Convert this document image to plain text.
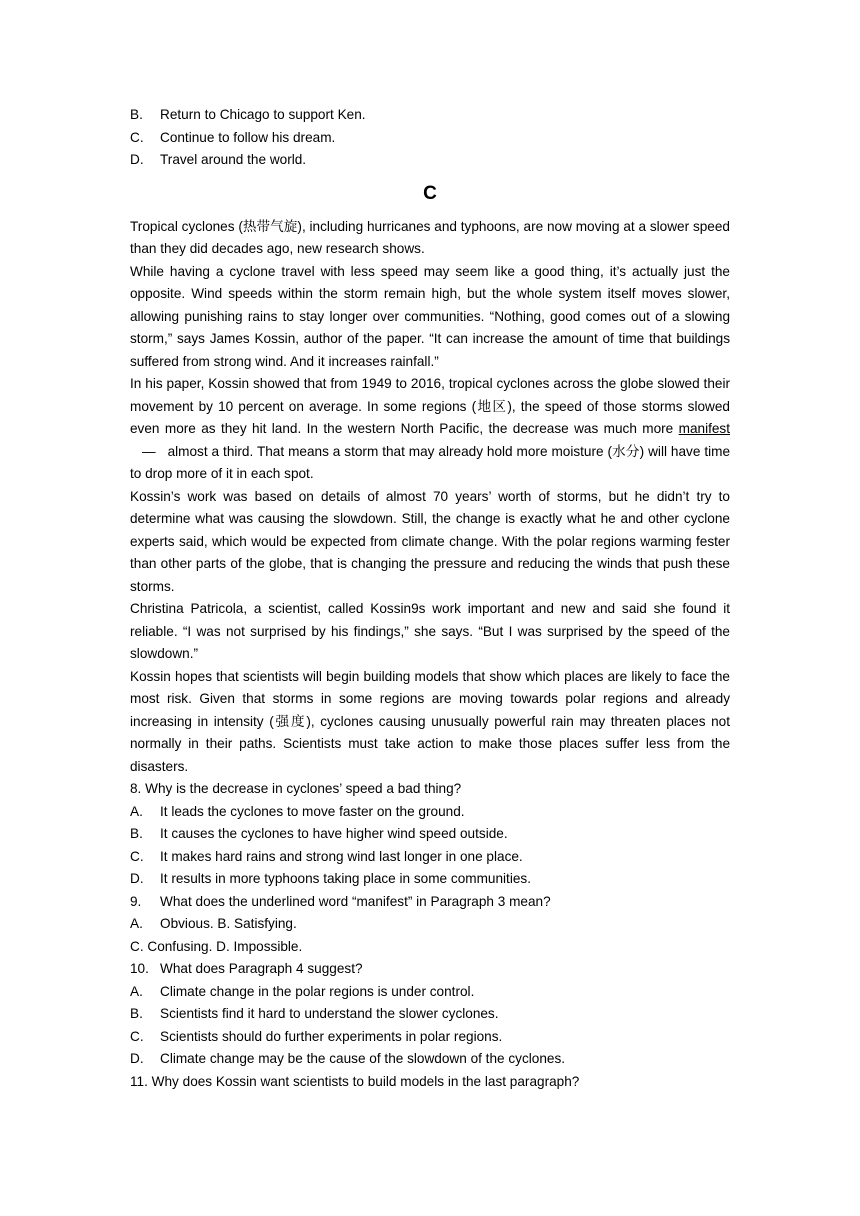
B.	Return to Chicago to support Ken.
C.	Continue to follow his dream.
D.	Travel around the world.
C

Tropical cyclones (热带气旋), including hurricanes and typhoons, are now moving at a slower speed than they did decades ago, new research shows.

While having a cyclone travel with less speed may seem like a good thing, it’s actually just the opposite. Wind speeds within the storm remain high, but the whole system itself moves slower, allowing punishing rains to stay longer over communities. “Nothing, good comes out of a slowing storm,” says James Kossin, author of the paper. “It can increase the amount of time that buildings suffered from strong wind. And it increases rainfall.”

In his paper, Kossin showed that from 1949 to 2016, tropical cyclones across the globe slowed their movement by 10 percent on average. In some regions (地区), the speed of those storms slowed even more as they hit land. In the western North Pacific, the decrease was much more manifest— almost a third. That means a storm that may already hold more moisture (水分) will have time to drop more of it in each spot.

Kossin’s work was based on details of almost 70 years’ worth of storms, but he didn’t try to determine what was causing the slowdown. Still, the change is exactly what he and other cyclone experts said, which would be expected from climate change. With the polar regions warming fester than other parts of the globe, that is changing the pressure and reducing the winds that push these storms.

Christina Patricola, a scientist, called Kossin9s work important and new and said she found it reliable. “I was not surprised by his findings,” she says. “But I was surprised by the speed of the slowdown.”

Kossin hopes that scientists will begin building models that show which places are likely to face the most risk. Given that storms in some regions are moving towards polar regions and already increasing in intensity (强度), cyclones causing unusually powerful rain may threaten places not normally in their paths. Scientists must take action to make those places suffer less from the disasters.

8. Why is the decrease in cyclones’ speed a bad thing?
A.	It leads the cyclones to move faster on the ground.
B.	It causes the cyclones to have higher wind speed outside.
C.	It makes hard rains and strong wind last longer in one place.
D.	It results in more typhoons taking place in some communities.
9.	What does the underlined word “manifest” in Paragraph 3 mean?
A.	Obvious. B. Satisfying.
C. Confusing. D. Impossible.
10. What does Paragraph 4 suggest?
A.	Climate change in the polar regions is under control.
B.	Scientists find it hard to understand the slower cyclones.
C.	Scientists should do further experiments in polar regions.
D.	Climate change may be the cause of the slowdown of the cyclones.
11. Why does Kossin want scientists to build models in the last paragraph?
